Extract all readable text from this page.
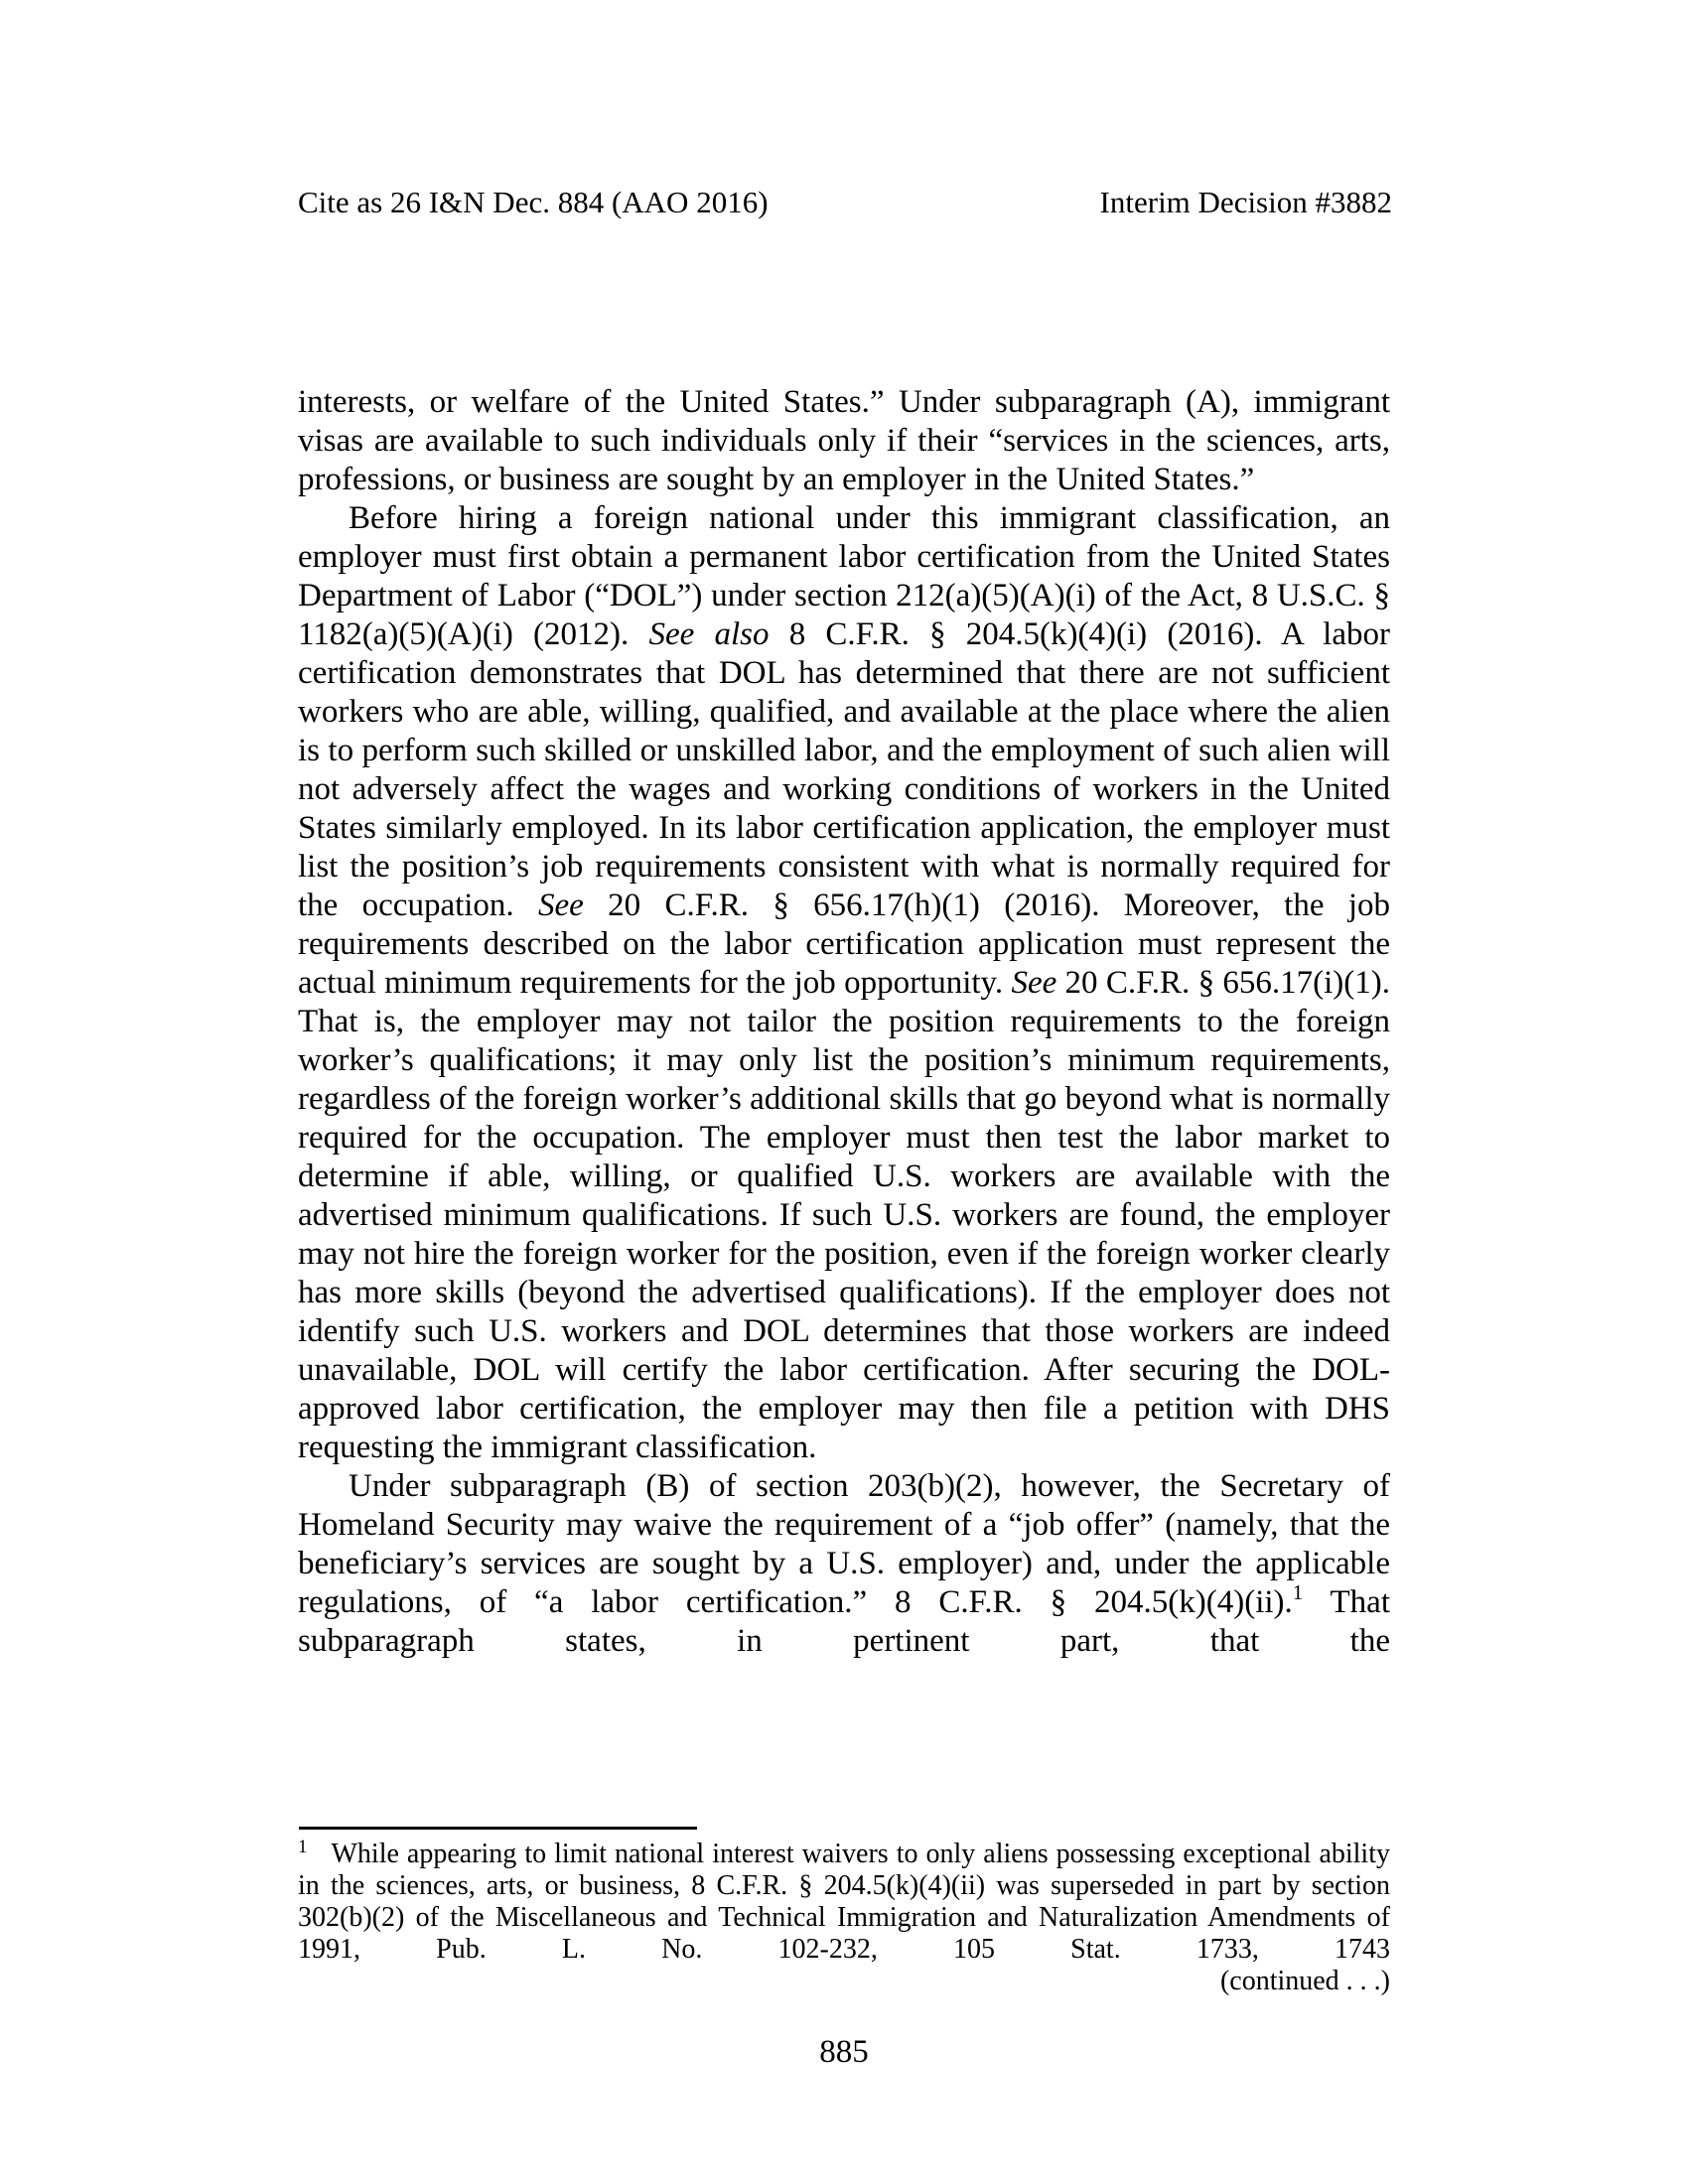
Cite as 26 I&N Dec. 884 (AAO 2016)	Interim Decision #3882

interests, or welfare of the United States.” Under subparagraph (A), immigrant visas are available to such individuals only if their “services in the sciences, arts, professions, or business are sought by an employer in the United States.”

Before hiring a foreign national under this immigrant classification, an employer must first obtain a permanent labor certification from the United States Department of Labor (“DOL”) under section 212(a)(5)(A)(i) of the Act, 8 U.S.C. § 1182(a)(5)(A)(i) (2012). See also 8 C.F.R. § 204.5(k)(4)(i) (2016). A labor certification demonstrates that DOL has determined that there are not sufficient workers who are able, willing, qualified, and available at the place where the alien is to perform such skilled or unskilled labor, and the employment of such alien will not adversely affect the wages and working conditions of workers in the United States similarly employed. In its labor certification application, the employer must list the position’s job requirements consistent with what is normally required for the occupation. See 20 C.F.R. § 656.17(h)(1) (2016). Moreover, the job requirements described on the labor certification application must represent the actual minimum requirements for the job opportunity. See 20 C.F.R. § 656.17(i)(1). That is, the employer may not tailor the position requirements to the foreign worker’s qualifications; it may only list the position’s minimum requirements, regardless of the foreign worker’s additional skills that go beyond what is normally required for the occupation. The employer must then test the labor market to determine if able, willing, or qualified U.S. workers are available with the advertised minimum qualifications. If such U.S. workers are found, the employer may not hire the foreign worker for the position, even if the foreign worker clearly has more skills (beyond the advertised qualifications). If the employer does not identify such U.S. workers and DOL determines that those workers are indeed unavailable, DOL will certify the labor certification. After securing the DOL-approved labor certification, the employer may then file a petition with DHS requesting the immigrant classification.

Under subparagraph (B) of section 203(b)(2), however, the Secretary of Homeland Security may waive the requirement of a “job offer” (namely, that the beneficiary’s services are sought by a U.S. employer) and, under the applicable regulations, of “a labor certification.” 8 C.F.R. § 204.5(k)(4)(ii).$^1$ That subparagraph states, in pertinent part, that the

$^1$ While appearing to limit national interest waivers to only aliens possessing exceptional ability in the sciences, arts, or business, 8 C.F.R. § 204.5(k)(4)(ii) was superseded in part by section 302(b)(2) of the Miscellaneous and Technical Immigration and Naturalization Amendments of 1991, Pub. L. No. 102-232, 105 Stat. 1733, 1743

(continued . . .)

885
